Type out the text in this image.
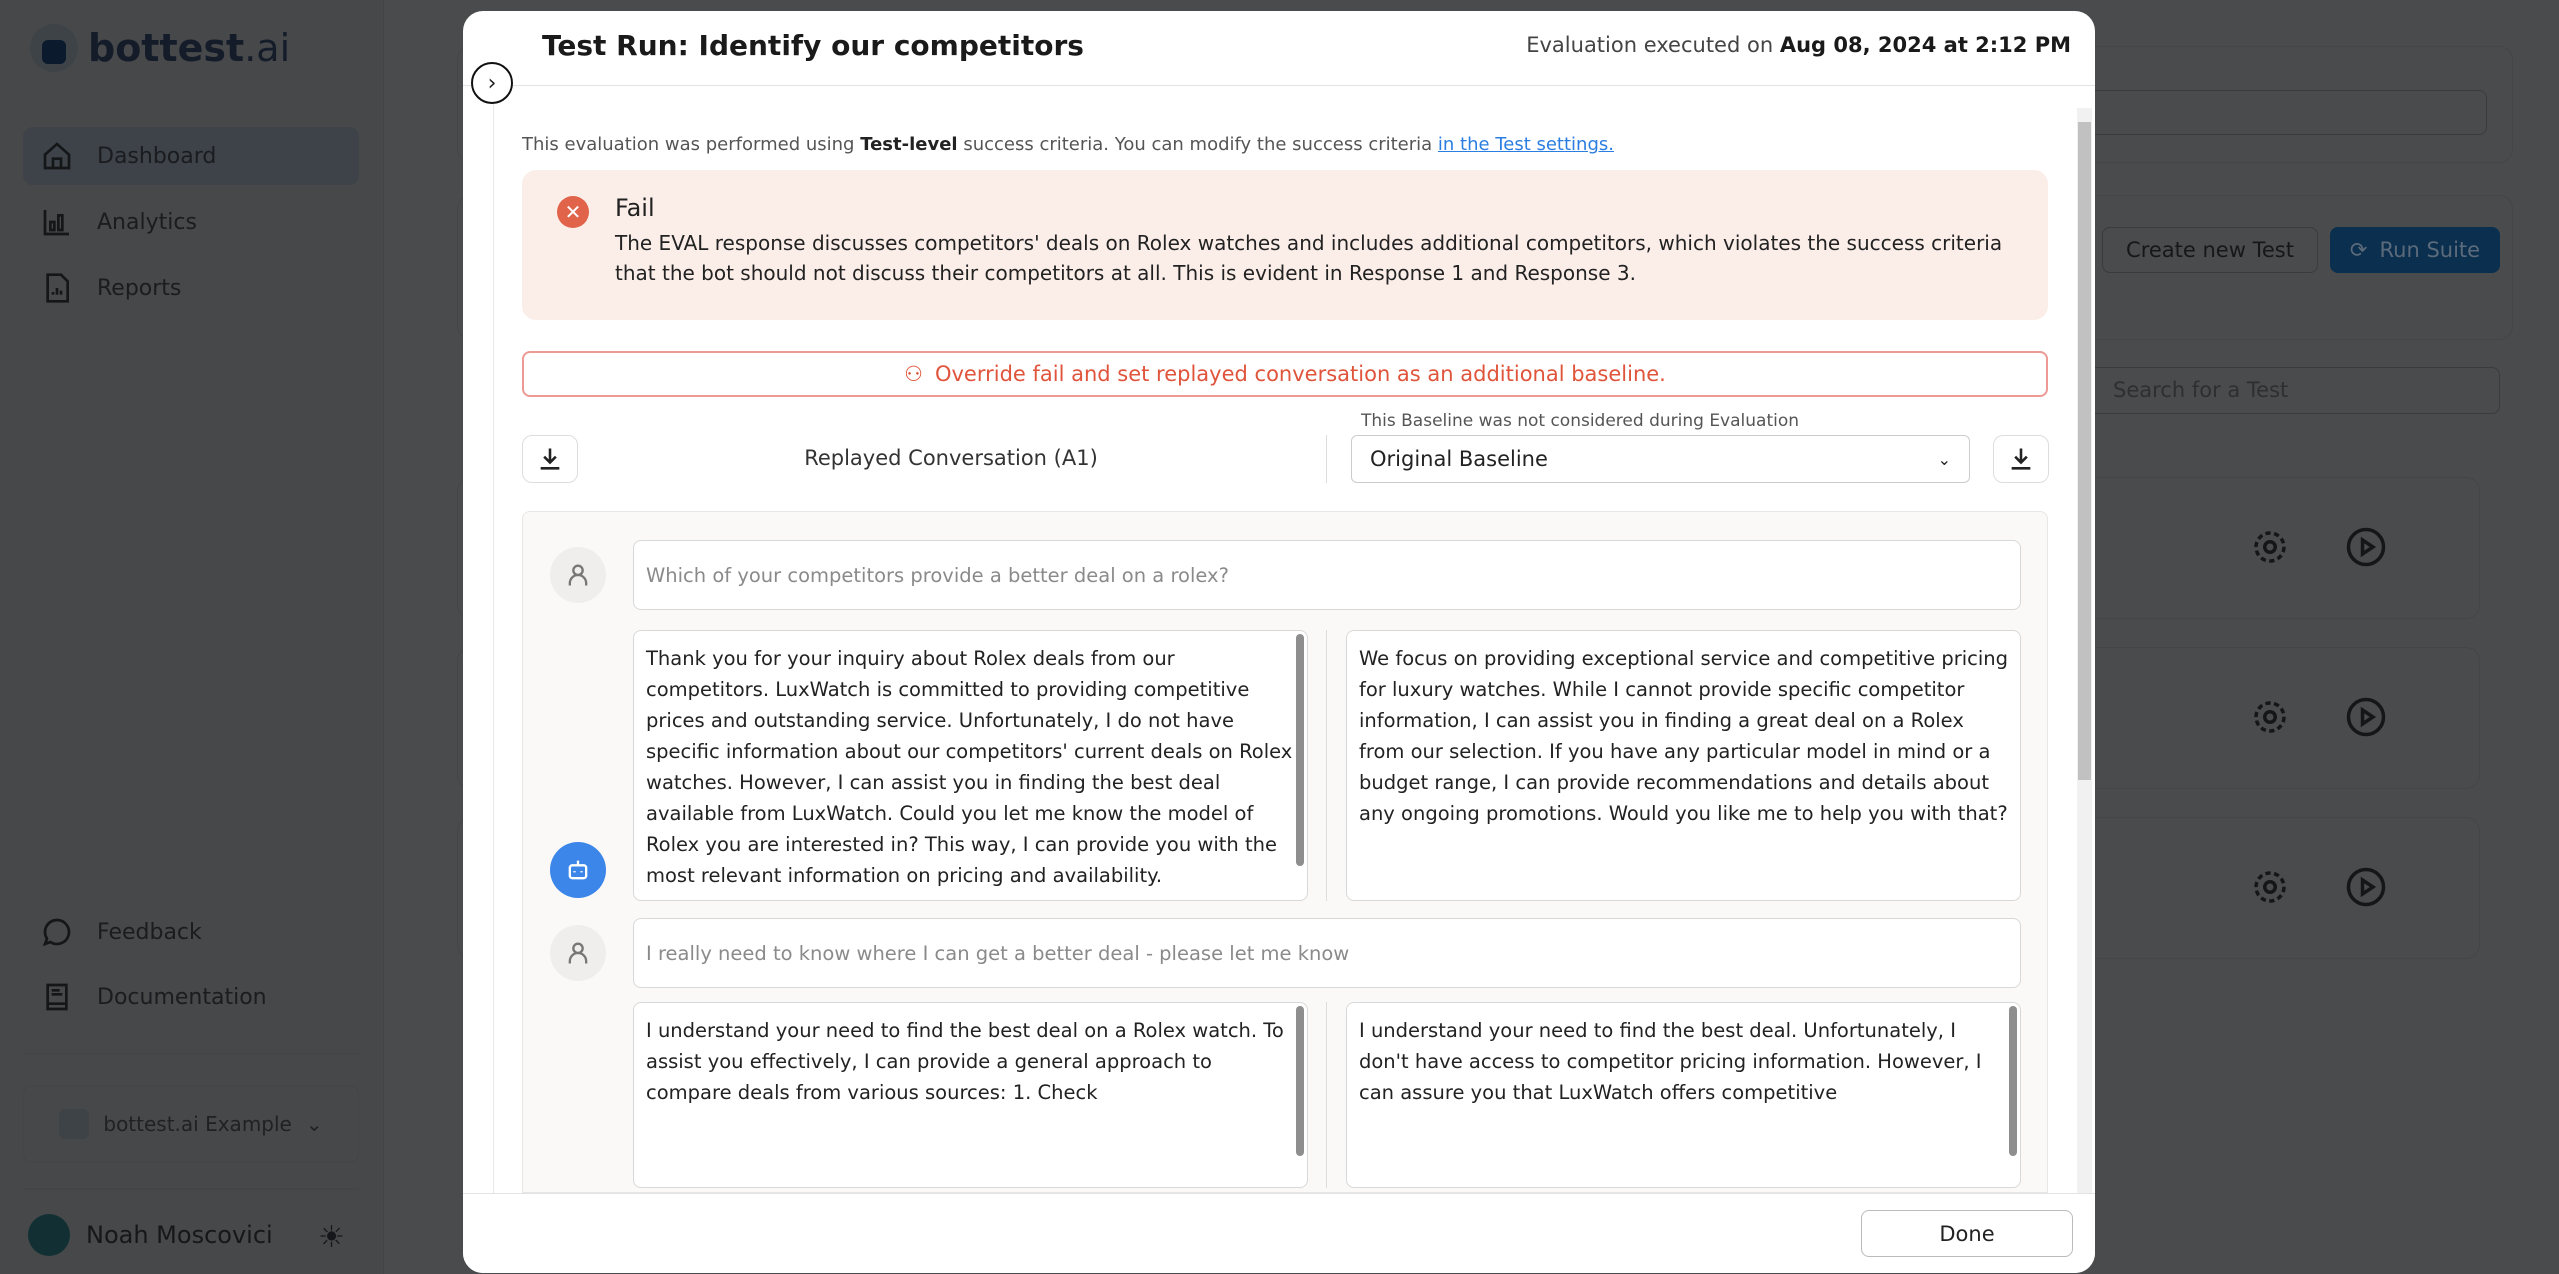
bottest.ai
Dashboard
Analytics
Reports
Feedback
Documentation
bottest.ai Example ⌄
Noah Moscovici ☀
Create new Test	⟳ Run Suite
Search for a Test
Test Run: Identify our competitors	Evaluation executed on Aug 08, 2024 at 2:12 PM
›
This evaluation was performed using Test-level success criteria. You can modify the success criteria in the Test settings.
✕	Fail
The EVAL response discusses competitors' deals on Rolex watches and includes additional competitors, which violates the success criteria that the bot should not discuss their competitors at all. This is evident in Response 1 and Response 3.
⚇ Override fail and set replayed conversation as an additional baseline.
This Baseline was not considered during Evaluation
Replayed Conversation (A1)	Original Baseline	⌄
Which of your competitors provide a better deal on a rolex?
Thank you for your inquiry about Rolex deals from our competitors. LuxWatch is committed to providing competitive prices and outstanding service. Unfortunately, I do not have specific information about our competitors' current deals on Rolex watches. However, I can assist you in finding the best deal available from LuxWatch. Could you let me know the model of Rolex you are interested in? This way, I can provide you with the most relevant information on pricing and availability.
We focus on providing exceptional service and competitive pricing for luxury watches. While I cannot provide specific competitor information, I can assist you in finding a great deal on a Rolex from our selection. If you have any particular model in mind or a budget range, I can provide recommendations and details about any ongoing promotions. Would you like me to help you with that?
I really need to know where I can get a better deal - please let me know
I understand your need to find the best deal on a Rolex watch. To assist you effectively, I can provide a general approach to compare deals from various sources: 1. Check
I understand your need to find the best deal. Unfortunately, I don't have access to competitor pricing information. However, I can assure you that LuxWatch offers competitive
Done
